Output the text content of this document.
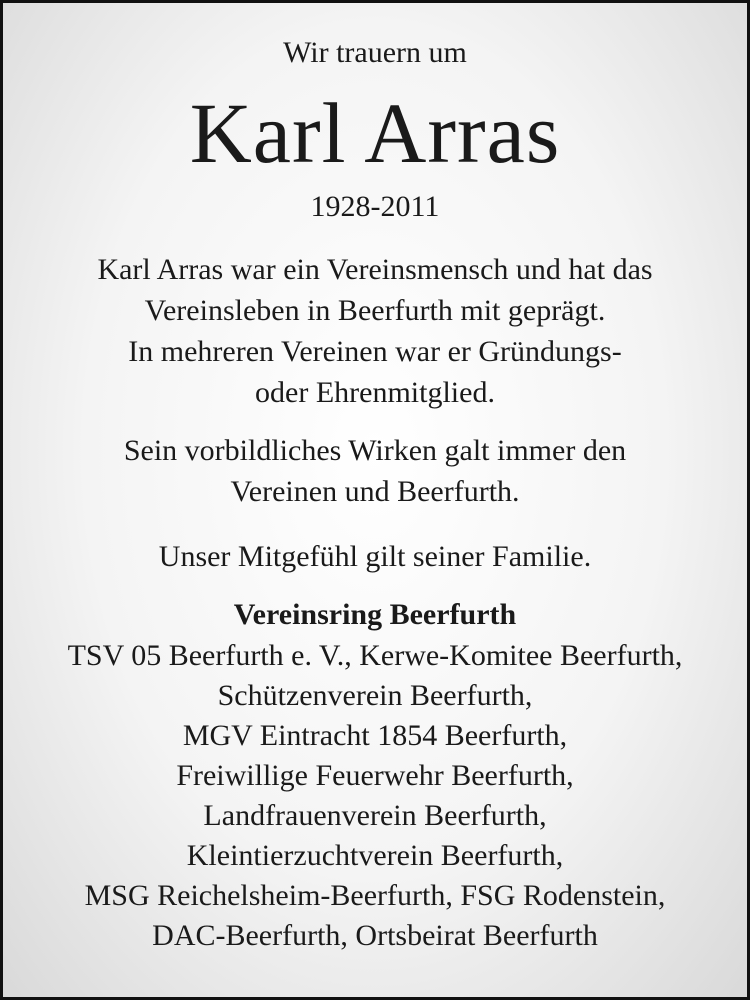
Wir trauern um
Karl Arras
1928-2011
Karl Arras war ein Vereinsmensch und hat das
Vereinsleben in Beerfurth mit geprägt.
In mehreren Vereinen war er Gründungs-
oder Ehrenmitglied.
Sein vorbildliches Wirken galt immer den
Vereinen und Beerfurth.
Unser Mitgefühl gilt seiner Familie.
Vereinsring Beerfurth
TSV 05 Beerfurth e. V., Kerwe-Komitee Beerfurth,
Schützenverein Beerfurth,
MGV Eintracht 1854 Beerfurth,
Freiwillige Feuerwehr Beerfurth,
Landfrauenverein Beerfurth,
Kleintierzuchtverein Beerfurth,
MSG Reichelsheim-Beerfurth, FSG Rodenstein,
DAC-Beerfurth, Ortsbeirat Beerfurth
